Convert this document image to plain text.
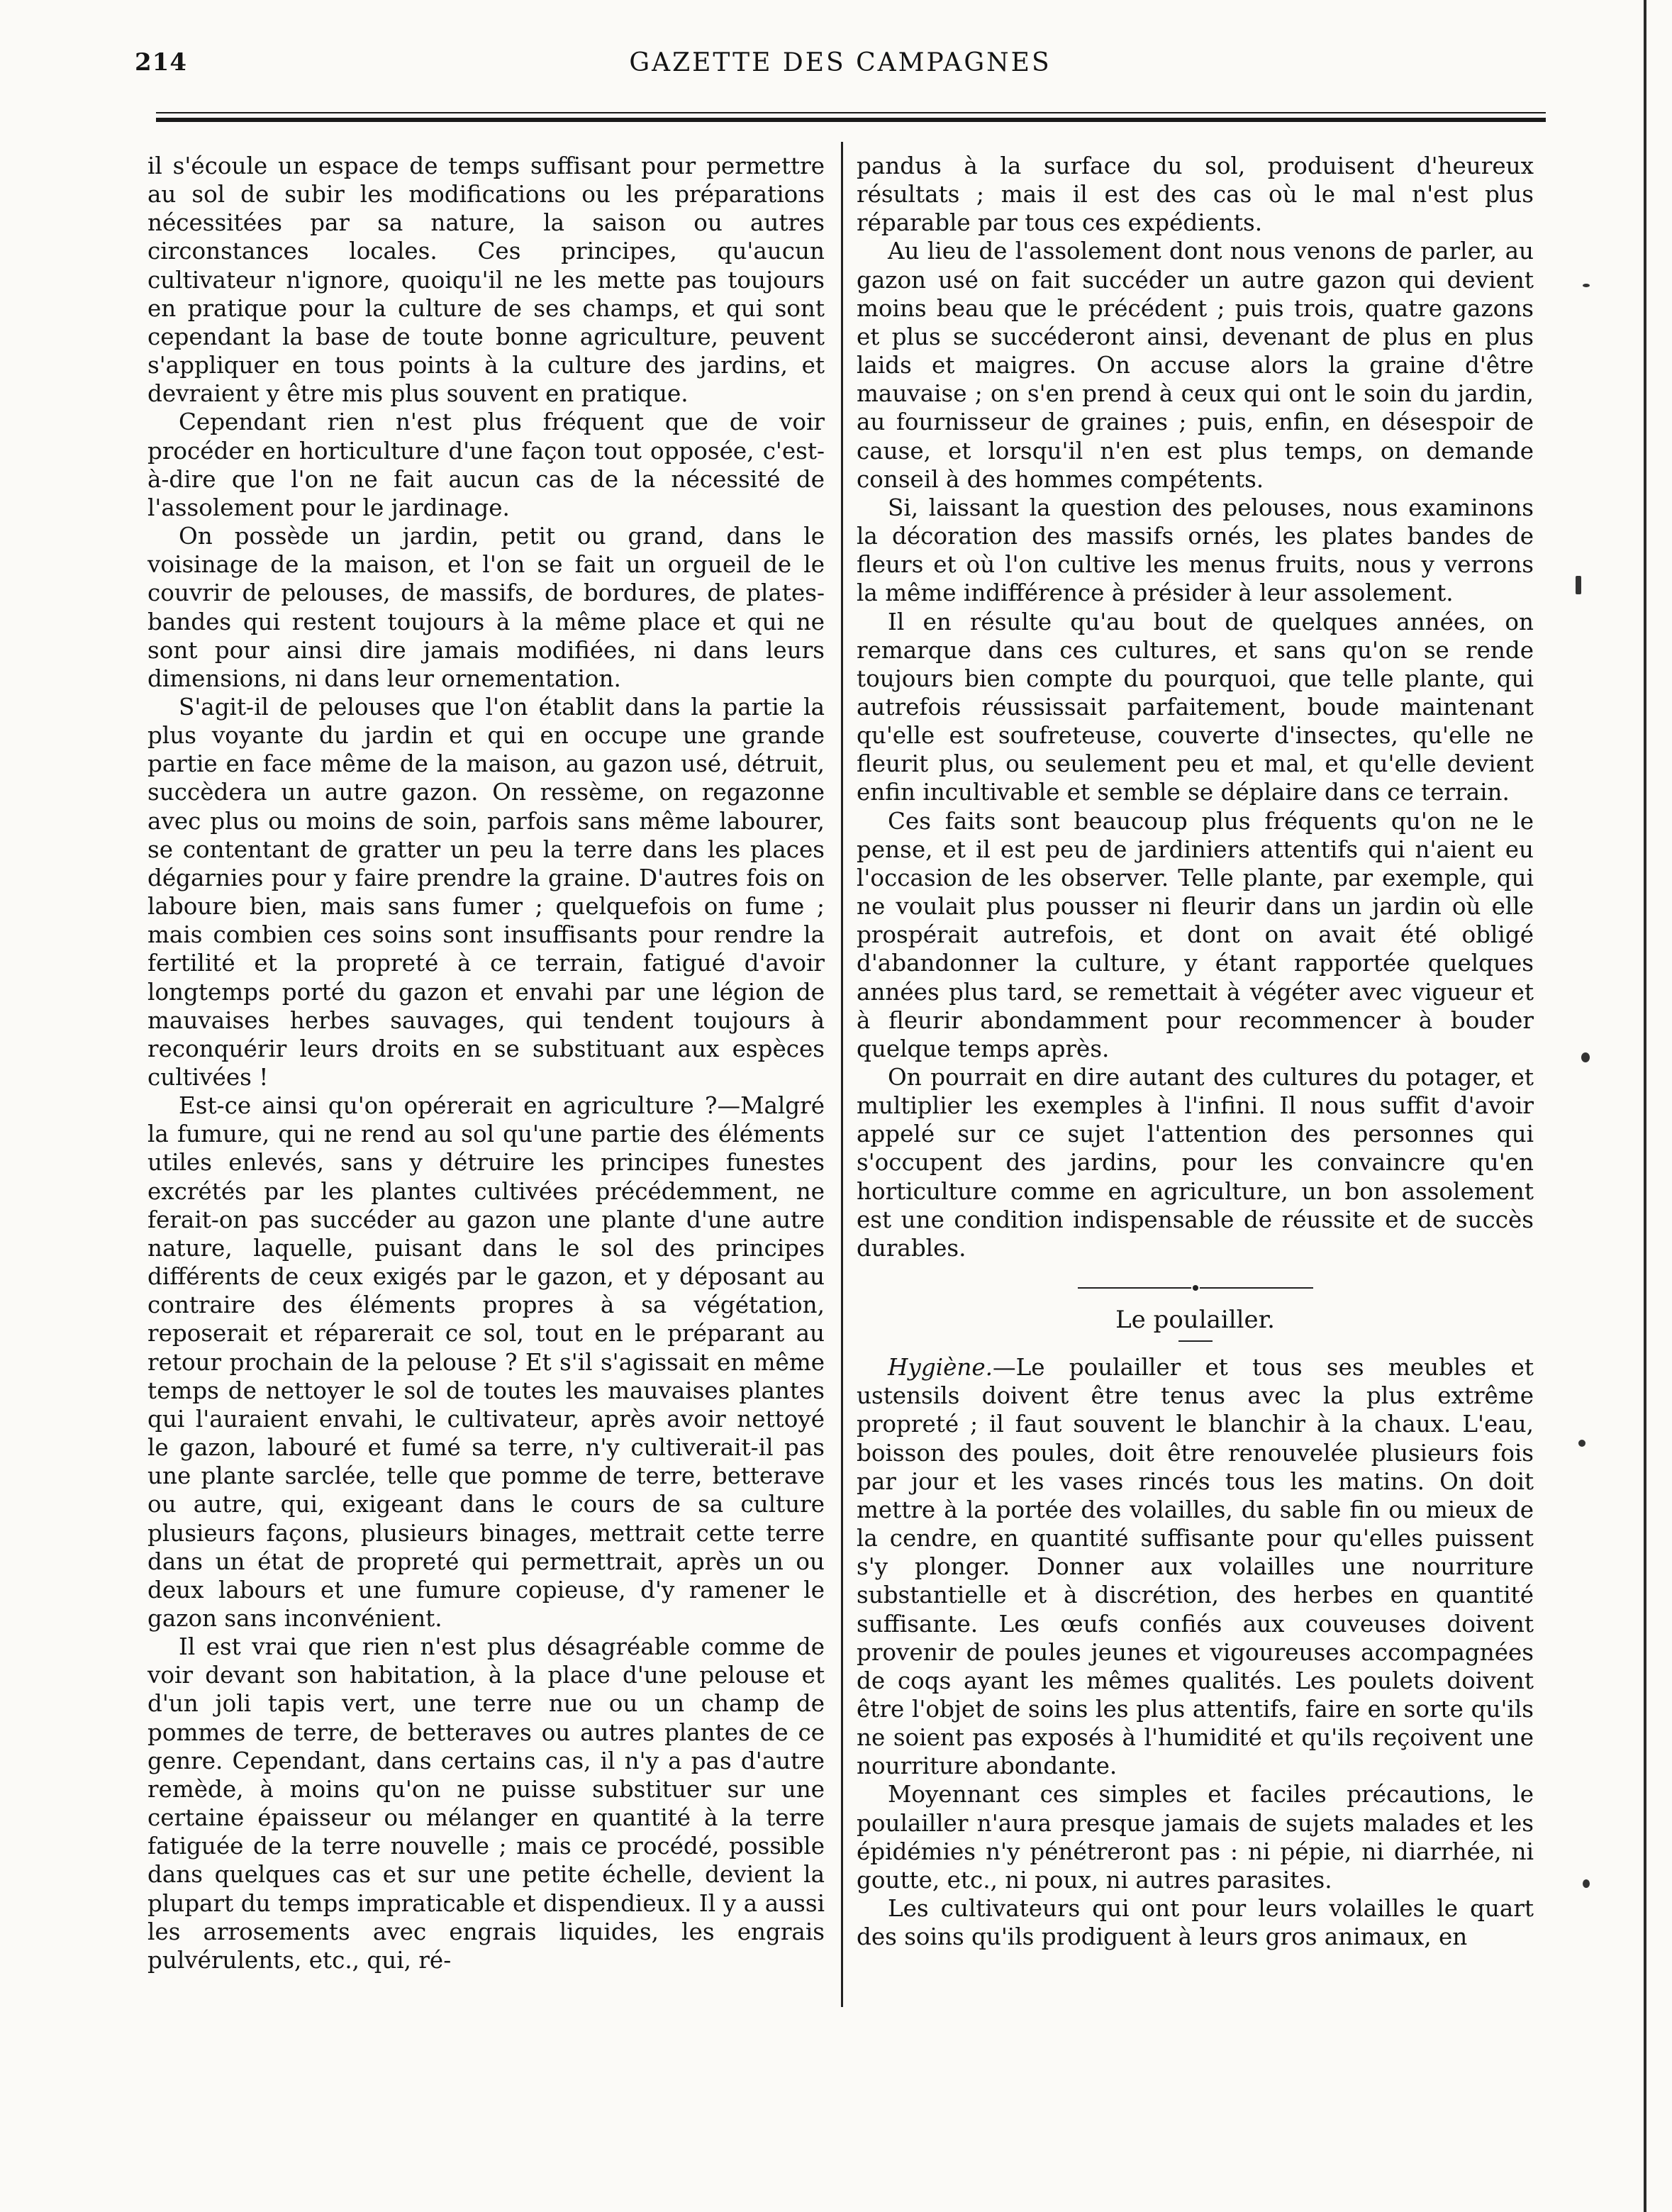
214	GAZETTE DES CAMPAGNES

il s'écoule un espace de temps suffisant pour permettre au sol de subir les modifications ou les préparations nécessitées par sa nature, la saison ou autres circonstances locales. Ces principes, qu'aucun cultivateur n'ignore, quoiqu'il ne les mette pas toujours en pratique pour la culture de ses champs, et qui sont cependant la base de toute bonne agriculture, peuvent s'appliquer en tous points à la culture des jardins, et devraient y être mis plus souvent en pratique.

Cependant rien n'est plus fréquent que de voir procéder en horticulture d'une façon tout opposée, c'est-à-dire que l'on ne fait aucun cas de la nécessité de l'assolement pour le jardinage.

On possède un jardin, petit ou grand, dans le voisinage de la maison, et l'on se fait un orgueil de le couvrir de pelouses, de massifs, de bordures, de plates-bandes qui restent toujours à la même place et qui ne sont pour ainsi dire jamais modifiées, ni dans leurs dimensions, ni dans leur ornementation.

S'agit-il de pelouses que l'on établit dans la partie la plus voyante du jardin et qui en occupe une grande partie en face même de la maison, au gazon usé, détruit, succèdera un autre gazon. On ressème, on regazonne avec plus ou moins de soin, parfois sans même labourer, se contentant de gratter un peu la terre dans les places dégarnies pour y faire prendre la graine. D'autres fois on laboure bien, mais sans fumer ; quelquefois on fume ; mais combien ces soins sont insuffisants pour rendre la fertilité et la propreté à ce terrain, fatigué d'avoir longtemps porté du gazon et envahi par une légion de mauvaises herbes sauvages, qui tendent toujours à reconquérir leurs droits en se substituant aux espèces cultivées !

Est-ce ainsi qu'on opérerait en agriculture ?—Malgré la fumure, qui ne rend au sol qu'une partie des éléments utiles enlevés, sans y détruire les principes funestes excrétés par les plantes cultivées précédemment, ne ferait-on pas succéder au gazon une plante d'une autre nature, laquelle, puisant dans le sol des principes différents de ceux exigés par le gazon, et y déposant au contraire des éléments propres à sa végétation, reposerait et réparerait ce sol, tout en le préparant au retour prochain de la pelouse ? Et s'il s'agissait en même temps de nettoyer le sol de toutes les mauvaises plantes qui l'auraient envahi, le cultivateur, après avoir nettoyé le gazon, labouré et fumé sa terre, n'y cultiverait-il pas une plante sarclée, telle que pomme de terre, betterave ou autre, qui, exigeant dans le cours de sa culture plusieurs façons, plusieurs binages, mettrait cette terre dans un état de propreté qui permettrait, après un ou deux labours et une fumure copieuse, d'y ramener le gazon sans inconvénient.

Il est vrai que rien n'est plus désagréable comme de voir devant son habitation, à la place d'une pelouse et d'un joli tapis vert, une terre nue ou un champ de pommes de terre, de betteraves ou autres plantes de ce genre. Cependant, dans certains cas, il n'y a pas d'autre remède, à moins qu'on ne puisse substituer sur une certaine épaisseur ou mélanger en quantité à la terre fatiguée de la terre nouvelle ; mais ce procédé, possible dans quelques cas et sur une petite échelle, devient la plupart du temps impraticable et dispendieux. Il y a aussi les arrosements avec engrais liquides, les engrais pulvérulents, etc., qui, ré-

pandus à la surface du sol, produisent d'heureux résultats ; mais il est des cas où le mal n'est plus réparable par tous ces expédients.

Au lieu de l'assolement dont nous venons de parler, au gazon usé on fait succéder un autre gazon qui devient moins beau que le précédent ; puis trois, quatre gazons et plus se succéderont ainsi, devenant de plus en plus laids et maigres. On accuse alors la graine d'être mauvaise ; on s'en prend à ceux qui ont le soin du jardin, au fournisseur de graines ; puis, enfin, en désespoir de cause, et lorsqu'il n'en est plus temps, on demande conseil à des hommes compétents.

Si, laissant la question des pelouses, nous examinons la décoration des massifs ornés, les plates bandes de fleurs et où l'on cultive les menus fruits, nous y verrons la même indifférence à présider à leur assolement.

Il en résulte qu'au bout de quelques années, on remarque dans ces cultures, et sans qu'on se rende toujours bien compte du pourquoi, que telle plante, qui autrefois réussissait parfaitement, boude maintenant qu'elle est soufreteuse, couverte d'insectes, qu'elle ne fleurit plus, ou seulement peu et mal, et qu'elle devient enfin incultivable et semble se déplaire dans ce terrain.

Ces faits sont beaucoup plus fréquents qu'on ne le pense, et il est peu de jardiniers attentifs qui n'aient eu l'occasion de les observer. Telle plante, par exemple, qui ne voulait plus pousser ni fleurir dans un jardin où elle prospérait autrefois, et dont on avait été obligé d'abandonner la culture, y étant rapportée quelques années plus tard, se remettait à végéter avec vigueur et à fleurir abondamment pour recommencer à bouder quelque temps après.

On pourrait en dire autant des cultures du potager, et multiplier les exemples à l'infini. Il nous suffit d'avoir appelé sur ce sujet l'attention des personnes qui s'occupent des jardins, pour les convaincre qu'en horticulture comme en agriculture, un bon assolement est une condition indispensable de réussite et de succès durables.

Le poulailler.

Hygiène.—Le poulailler et tous ses meubles et ustensils doivent être tenus avec la plus extrême propreté ; il faut souvent le blanchir à la chaux. L'eau, boisson des poules, doit être renouvelée plusieurs fois par jour et les vases rincés tous les matins. On doit mettre à la portée des volailles, du sable fin ou mieux de la cendre, en quantité suffisante pour qu'elles puissent s'y plonger. Donner aux volailles une nourriture substantielle et à discrétion, des herbes en quantité suffisante. Les œufs confiés aux couveuses doivent provenir de poules jeunes et vigoureuses accompagnées de coqs ayant les mêmes qualités. Les poulets doivent être l'objet de soins les plus attentifs, faire en sorte qu'ils ne soient pas exposés à l'humidité et qu'ils reçoivent une nourriture abondante.

Moyennant ces simples et faciles précautions, le poulailler n'aura presque jamais de sujets malades et les épidémies n'y pénétreront pas : ni pépie, ni diarrhée, ni goutte, etc., ni poux, ni autres parasites.

Les cultivateurs qui ont pour leurs volailles le quart des soins qu'ils prodiguent à leurs gros animaux, en
